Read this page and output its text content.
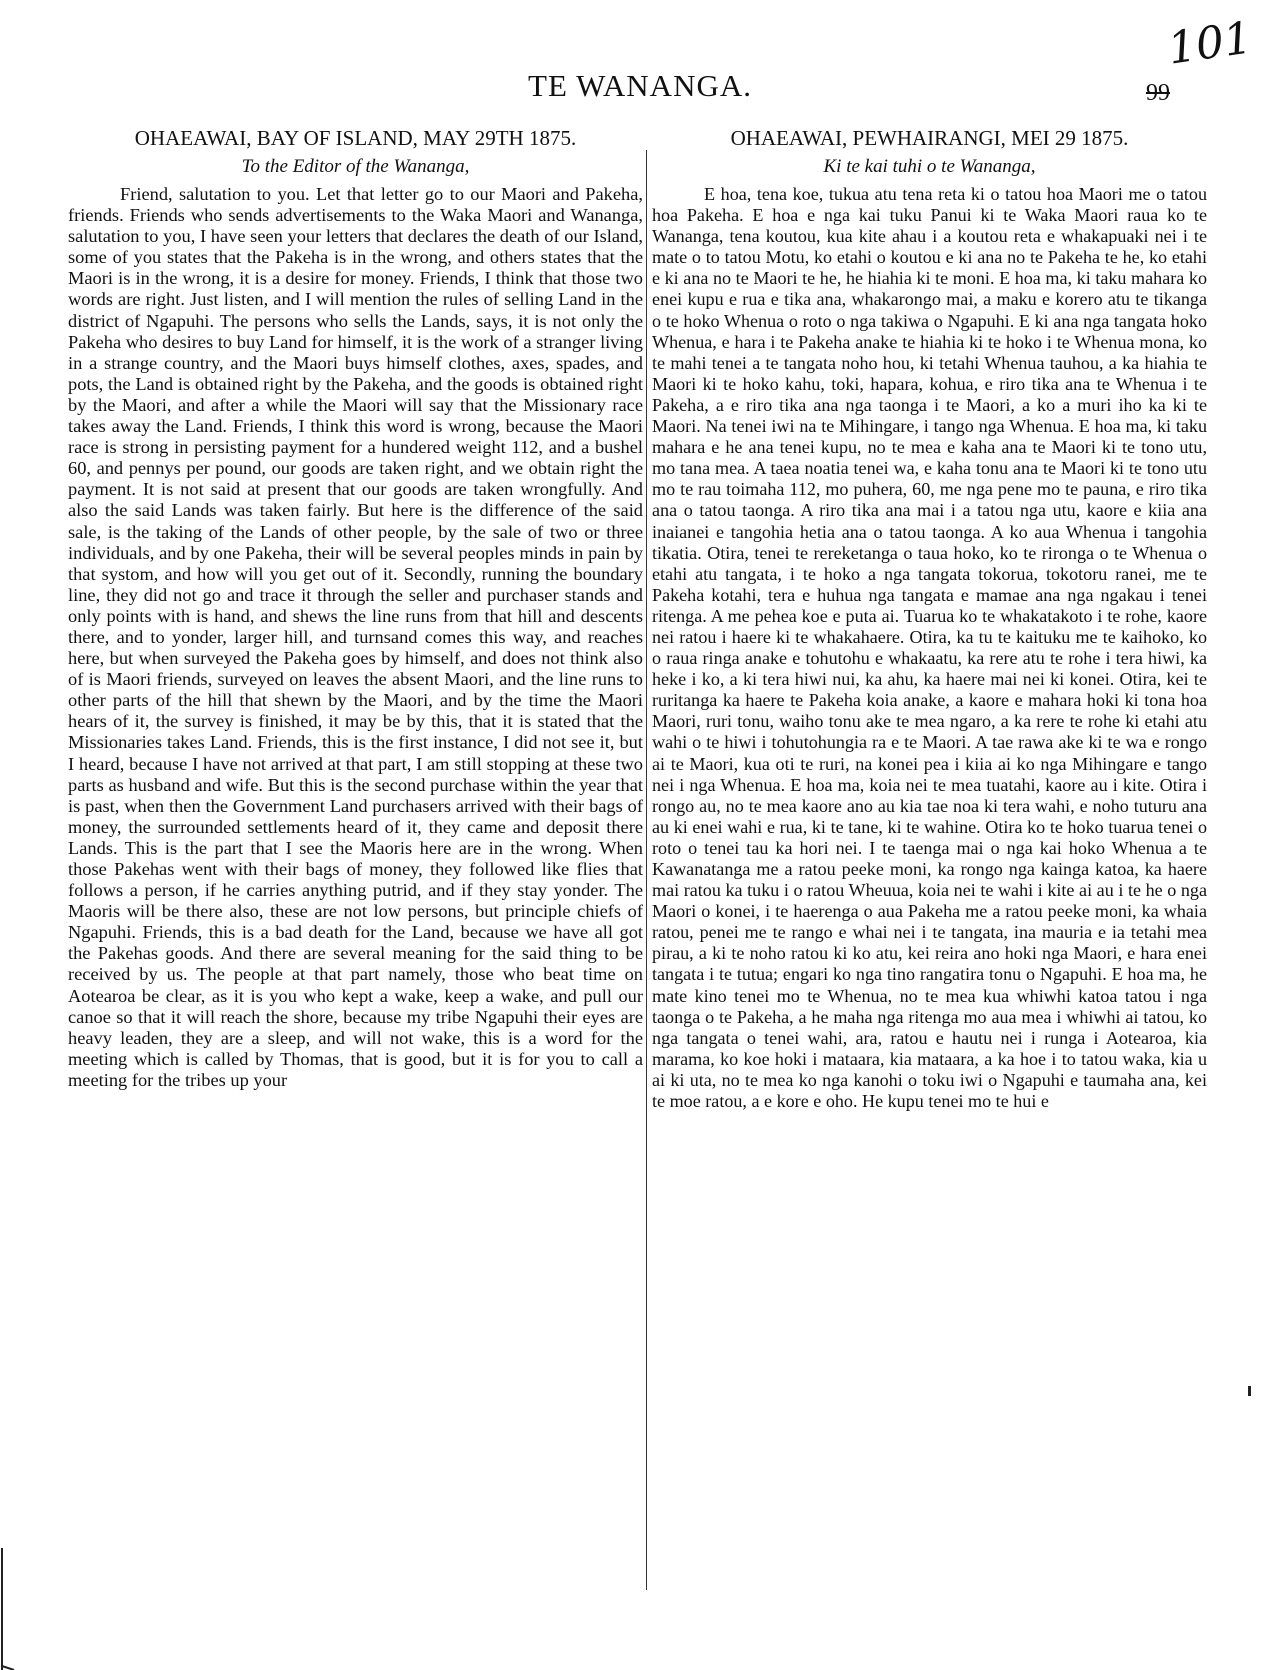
101
TE WANANGA.	99
OHAEAWAI, BAY OF ISLAND, MAY 29TH 1875.
To the Editor of the Wananga,

Friend, salutation to you. Let that letter go to our Maori and Pakeha, friends. Friends who sends advertisements to the Waka Maori and Wananga, salutation to you, I have seen your letters that declares the death of our Island, some of you states that the Pakeha is in the wrong, and others states that the Maori is in the wrong, it is a desire for money. Friends, I think that those two words are right. Just listen, and I will mention the rules of selling Land in the district of Ngapuhi. The persons who sells the Lands, says, it is not only the Pakeha who desires to buy Land for himself, it is the work of a stranger living in a strange country, and the Maori buys himself clothes, axes, spades, and pots, the Land is obtained right by the Pakeha, and the goods is obtained right by the Maori, and after a while the Maori will say that the Missionary race takes away the Land. Friends, I think this word is wrong, because the Maori race is strong in persisting payment for a hundered weight 112, and a bushel 60, and pennys per pound, our goods are taken right, and we obtain right the payment. It is not said at present that our goods are taken wrongfully. And also the said Lands was taken fairly. But here is the difference of the said sale, is the taking of the Lands of other people, by the sale of two or three individuals, and by one Pakeha, their will be several peoples minds in pain by that systom, and how will you get out of it. Secondly, running the boundary line, they did not go and trace it through the seller and purchaser stands and only points with is hand, and shews the line runs from that hill and descents there, and to yonder, larger hill, and turnsand comes this way, and reaches here, but when surveyed the Pakeha goes by himself, and does not think also of is Maori friends, surveyed on leaves the absent Maori, and the line runs to other parts of the hill that shewn by the Maori, and by the time the Maori hears of it, the survey is finished, it may be by this, that it is stated that the Missionaries takes Land. Friends, this is the first instance, I did not see it, but I heard, because I have not arrived at that part, I am still stopping at these two parts as husband and wife. But this is the second purchase within the year that is past, when then the Government Land purchasers arrived with their bags of money, the surrounded settlements heard of it, they came and deposit there Lands. This is the part that I see the Maoris here are in the wrong. When those Pakehas went with their bags of money, they followed like flies that follows a person, if he carries anything putrid, and if they stay yonder. The Maoris will be there also, these are not low persons, but principle chiefs of Ngapuhi. Friends, this is a bad death for the Land, because we have all got the Pakehas goods. And there are several meaning for the said thing to be received by us. The people at that part namely, those who beat time on Aotearoa be clear, as it is you who kept a wake, keep a wake, and pull our canoe so that it will reach the shore, because my tribe Ngapuhi their eyes are heavy leaden, they are a sleep, and will not wake, this is a word for the meeting which is called by Thomas, that is good, but it is for you to call a meeting for the tribes up your

OHAEAWAI, PEWHAIRANGI, MEI 29 1875.
Ki te kai tuhi o te Wananga,

E hoa, tena koe, tukua atu tena reta ki o tatou hoa Maori me o tatou hoa Pakeha. E hoa e nga kai tuku Panui ki te Waka Maori raua ko te Wananga, tena koutou, kua kite ahau i a koutou reta e whakapuaki nei i te mate o to tatou Motu, ko etahi o koutou e ki ana no te Pakeha te he, ko etahi e ki ana no te Maori te he, he hiahia ki te moni. E hoa ma, ki taku mahara ko enei kupu e rua e tika ana, whakarongo mai, a maku e korero atu te tikanga o te hoko Whenua o roto o nga takiwa o Ngapuhi. E ki ana nga tangata hoko Whenua, e hara i te Pakeha anake te hiahia ki te hoko i te Whenua mona, ko te mahi tenei a te tangata noho hou, ki tetahi Whenua tauhou, a ka hiahia te Maori ki te hoko kahu, toki, hapara, kohua, e riro tika ana te Whenua i te Pakeha, a e riro tika ana nga taonga i te Maori, a ko a muri iho ka ki te Maori. Na tenei iwi na te Mihingare, i tango nga Whenua. E hoa ma, ki taku mahara e he ana tenei kupu, no te mea e kaha ana te Maori ki te tono utu, mo tana mea. A taea noatia tenei wa, e kaha tonu ana te Maori ki te tono utu mo te rau toimaha 112, mo puhera, 60, me nga pene mo te pauna, e riro tika ana o tatou taonga. A riro tika ana mai i a tatou nga utu, kaore e kiia ana inaianei e tangohia hetia ana o tatou taonga. A ko aua Whenua i tangohia tikatia. Otira, tenei te rereketanga o taua hoko, ko te rironga o te Whenua o etahi atu tangata, i te hoko a nga tangata tokorua, tokotoru ranei, me te Pakeha kotahi, tera e huhua nga tangata e mamae ana nga ngakau i tenei ritenga. A me pehea koe e puta ai. Tuarua ko te whakatakoto i te rohe, kaore nei ratou i haere ki te whakahaere. Otira, ka tu te kaituku me te kaihoko, ko o raua ringa anake e tohutohu e whakaatu, ka rere atu te rohe i tera hiwi, ka heke i ko, a ki tera hiwi nui, ka ahu, ka haere mai nei ki konei. Otira, kei te ruritanga ka haere te Pakeha koia anake, a kaore e mahara hoki ki tona hoa Maori, ruri tonu, waiho tonu ake te mea ngaro, a ka rere te rohe ki etahi atu wahi o te hiwi i tohutohungia ra e te Maori. A tae rawa ake ki te wa e rongo ai te Maori, kua oti te ruri, na konei pea i kiia ai ko nga Mihingare e tango nei i nga Whenua. E hoa ma, koia nei te mea tuatahi, kaore au i kite. Otira i rongo au, no te mea kaore ano au kia tae noa ki tera wahi, e noho tuturu ana au ki enei wahi e rua, ki te tane, ki te wahine. Otira ko te hoko tuarua tenei o roto o tenei tau ka hori nei. I te taenga mai o nga kai hoko Whenua a te Kawanatanga me a ratou peeke moni, ka rongo nga kainga katoa, ka haere mai ratou ka tuku i o ratou Wheuua, koia nei te wahi i kite ai au i te he o nga Maori o konei, i te haerenga o aua Pakeha me a ratou peeke moni, ka whaia ratou, penei me te rango e whai nei i te tangata, ina mauria e ia tetahi mea pirau, a ki te noho ratou ki ko atu, kei reira ano hoki nga Maori, e hara enei tangata i te tutua; engari ko nga tino rangatira tonu o Ngapuhi. E hoa ma, he mate kino tenei mo te Whenua, no te mea kua whiwhi katoa tatou i nga taonga o te Pakeha, a he maha nga ritenga mo aua mea i whiwhi ai tatou, ko nga tangata o tenei wahi, ara, ratou e hautu nei i runga i Aotearoa, kia marama, ko koe hoki i mataara, kia mataara, a ka hoe i to tatou waka, kia u ai ki uta, no te mea ko nga kanohi o toku iwi o Ngapuhi e taumaha ana, kei te moe ratou, a e kore e oho. He kupu tenei mo te hui e
